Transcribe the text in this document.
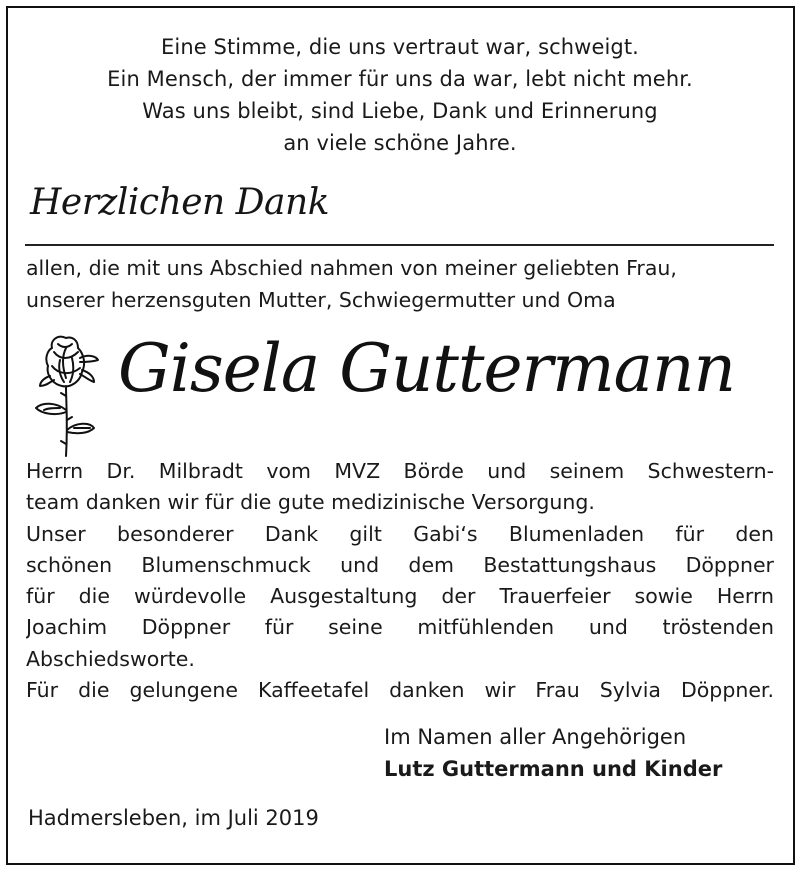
Eine Stimme, die uns vertraut war, schweigt.
Ein Mensch, der immer für uns da war, lebt nicht mehr.
Was uns bleibt, sind Liebe, Dank und Erinnerung
an viele schöne Jahre.
Herzlichen Dank
allen, die mit uns Abschied nahmen von meiner geliebten Frau,
unserer herzensguten Mutter, Schwiegermutter und Oma
Gisela Guttermann
Herrn Dr. Milbradt vom MVZ Börde und seinem Schwestern-
team danken wir für die gute medizinische Versorgung.
Unser besonderer Dank gilt Gabi‘s Blumenladen für den
schönen Blumenschmuck und dem Bestattungshaus Döppner
für die würdevolle Ausgestaltung der Trauerfeier sowie Herrn
Joachim Döppner für seine mitfühlenden und tröstenden
Abschiedsworte.
Für die gelungene Kaffeetafel danken wir Frau Sylvia Döppner.
Im Namen aller Angehörigen
Lutz Guttermann und Kinder
Hadmersleben, im Juli 2019
